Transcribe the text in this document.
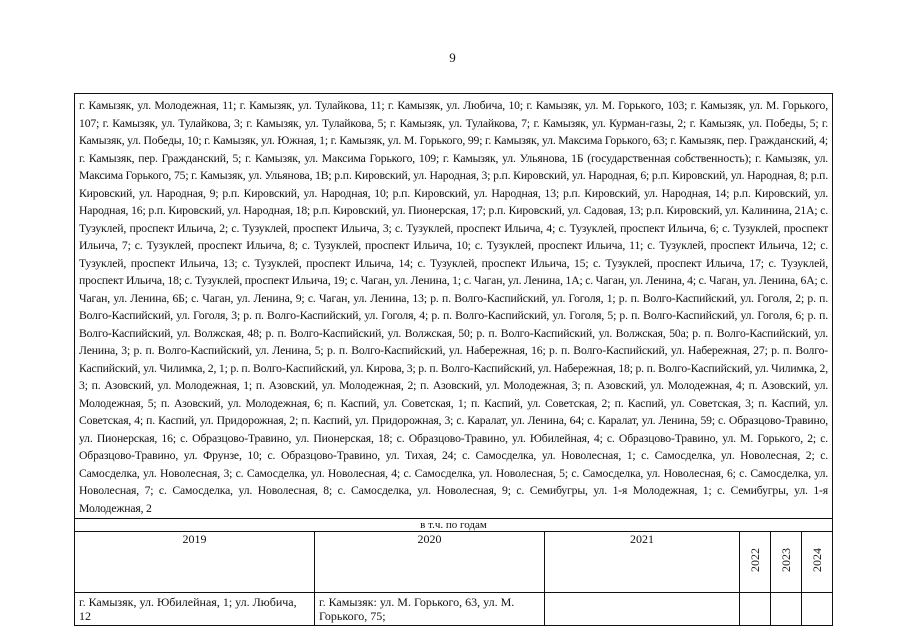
9
г. Камызяк, ул. Молодежная, 11; г. Камызяк, ул. Тулайкова, 11; г. Камызяк, ул. Любича, 10; г. Камызяк, ул. М. Горького, 103; г. Камызяк, ул. М. Горького, 107; г. Камызяк, ул. Тулайкова, 3; г. Камызяк, ул. Тулайкова, 5; г. Камызяк, ул. Тулайкова, 7; г. Камызяк, ул. Курман-газы, 2; г. Камызяк, ул. Победы, 5; г. Камызяк, ул. Победы, 10; г. Камызяк, ул. Южная, 1; г. Камызяк, ул. М. Горького, 99; г. Камызяк, ул. Максима Горького, 63; г. Камызяк, пер. Гражданский, 4; г. Камызяк, пер. Гражданский, 5; г. Камызяк, ул. Максима Горького, 109; г. Камызяк, ул. Ульянова, 1Б (государственная собственность); г. Камызяк, ул. Максима Горького, 75; г. Камызяк, ул. Ульянова, 1В; р.п. Кировский, ул. Народная, 3; р.п. Кировский, ул. Народная, 6; р.п. Кировский, ул. Народная, 8; р.п. Кировский, ул. Народная, 9; р.п. Кировский, ул. Народная, 10; р.п. Кировский, ул. Народная, 13; р.п. Кировский, ул. Народная, 14; р.п. Кировский, ул. Народная, 16; р.п. Кировский, ул. Народная, 18; р.п. Кировский, ул. Пионерская, 17; р.п. Кировский, ул. Садовая, 13; р.п. Кировский, ул. Калинина, 21А; с. Тузуклей, проспект Ильича, 2; с. Тузуклей, проспект Ильича, 3; с. Тузуклей, проспект Ильича, 4; с. Тузуклей, проспект Ильича, 6; с. Тузуклей, проспект Ильича, 7; с. Тузуклей, проспект Ильича, 8; с. Тузуклей, проспект Ильича, 10; с. Тузуклей, проспект Ильича, 11; с. Тузуклей, проспект Ильича, 12; с. Тузуклей, проспект Ильича, 13; с. Тузуклей, проспект Ильича, 14; с. Тузуклей, проспект Ильича, 15; с. Тузуклей, проспект Ильича, 17; с. Тузуклей, проспект Ильича, 18; с. Тузуклей, проспект Ильича, 19; с. Чаган, ул. Ленина, 1; с. Чаган, ул. Ленина, 1А; с. Чаган, ул. Ленина, 4; с. Чаган, ул. Ленина, 6А; с. Чаган, ул. Ленина, 6Б; с. Чаган, ул. Ленина, 9; с. Чаган, ул. Ленина, 13; р. п. Волго-Каспийский, ул. Гоголя, 1; р. п. Волго-Каспийский, ул. Гоголя, 2; р. п. Волго-Каспийский, ул. Гоголя, 3; р. п. Волго-Каспийский, ул. Гоголя, 4; р. п. Волго-Каспийский, ул. Гоголя, 5; р. п. Волго-Каспийский, ул. Гоголя, 6; р. п. Волго-Каспийский, ул. Волжская, 48; р. п. Волго-Каспийский, ул. Волжская, 50; р. п. Волго-Каспийский, ул. Волжская, 50а; р. п. Волго-Каспийский, ул. Ленина, 3; р. п. Волго-Каспийский, ул. Ленина, 5; р. п. Волго-Каспийский, ул. Набережная, 16; р. п. Волго-Каспийский, ул. Набережная, 27; р. п. Волго-Каспийский, ул. Чилимка, 2, 1; р. п. Волго-Каспийский, ул. Кирова, 3; р. п. Волго-Каспийский, ул. Набережная, 18; р. п. Волго-Каспийский, ул. Чилимка, 2, 3; п. Азовский, ул. Молодежная, 1; п. Азовский, ул. Молодежная, 2; п. Азовский, ул. Молодежная, 3; п. Азовский, ул. Молодежная, 4; п. Азовский, ул. Молодежная, 5; п. Азовский, ул. Молодежная, 6; п. Каспий, ул. Советская, 1; п. Каспий, ул. Советская, 2; п. Каспий, ул. Советская, 3; п. Каспий, ул. Советская, 4; п. Каспий, ул. Придорожная, 2; п. Каспий, ул. Придорожная, 3; с. Каралат, ул. Ленина, 64; с. Каралат, ул. Ленина, 59; с. Образцово-Травино, ул. Пионерская, 16; с. Образцово-Травино, ул. Пионерская, 18; с. Образцово-Травино, ул. Юбилейная, 4; с. Образцово-Травино, ул. М. Горького, 2; с. Образцово-Травино, ул. Фрунзе, 10; с. Образцово-Травино, ул. Тихая, 24; с. Самосделка, ул. Новолесная, 1; с. Самосделка, ул. Новолесная, 2; с. Самосделка, ул. Новолесная, 3; с. Самосделка, ул. Новолесная, 4; с. Самосделка, ул. Новолесная, 5; с. Самосделка, ул. Новолесная, 6; с. Самосделка, ул. Новолесная, 7; с. Самосделка, ул. Новолесная, 8; с. Самосделка, ул. Новолесная, 9; с. Семибугры, ул. 1-я Молодежная, 1; с. Семибугры, ул. 1-я Молодежная, 2					
в т.ч. по годам					
2019	2020	2021	2022	2023	2024
г. Камызяк, ул. Юбилейная, 1; ул. Любича, 12	г. Камызяк: ул. М. Горького, 63, ул. М. Горького, 75;				
